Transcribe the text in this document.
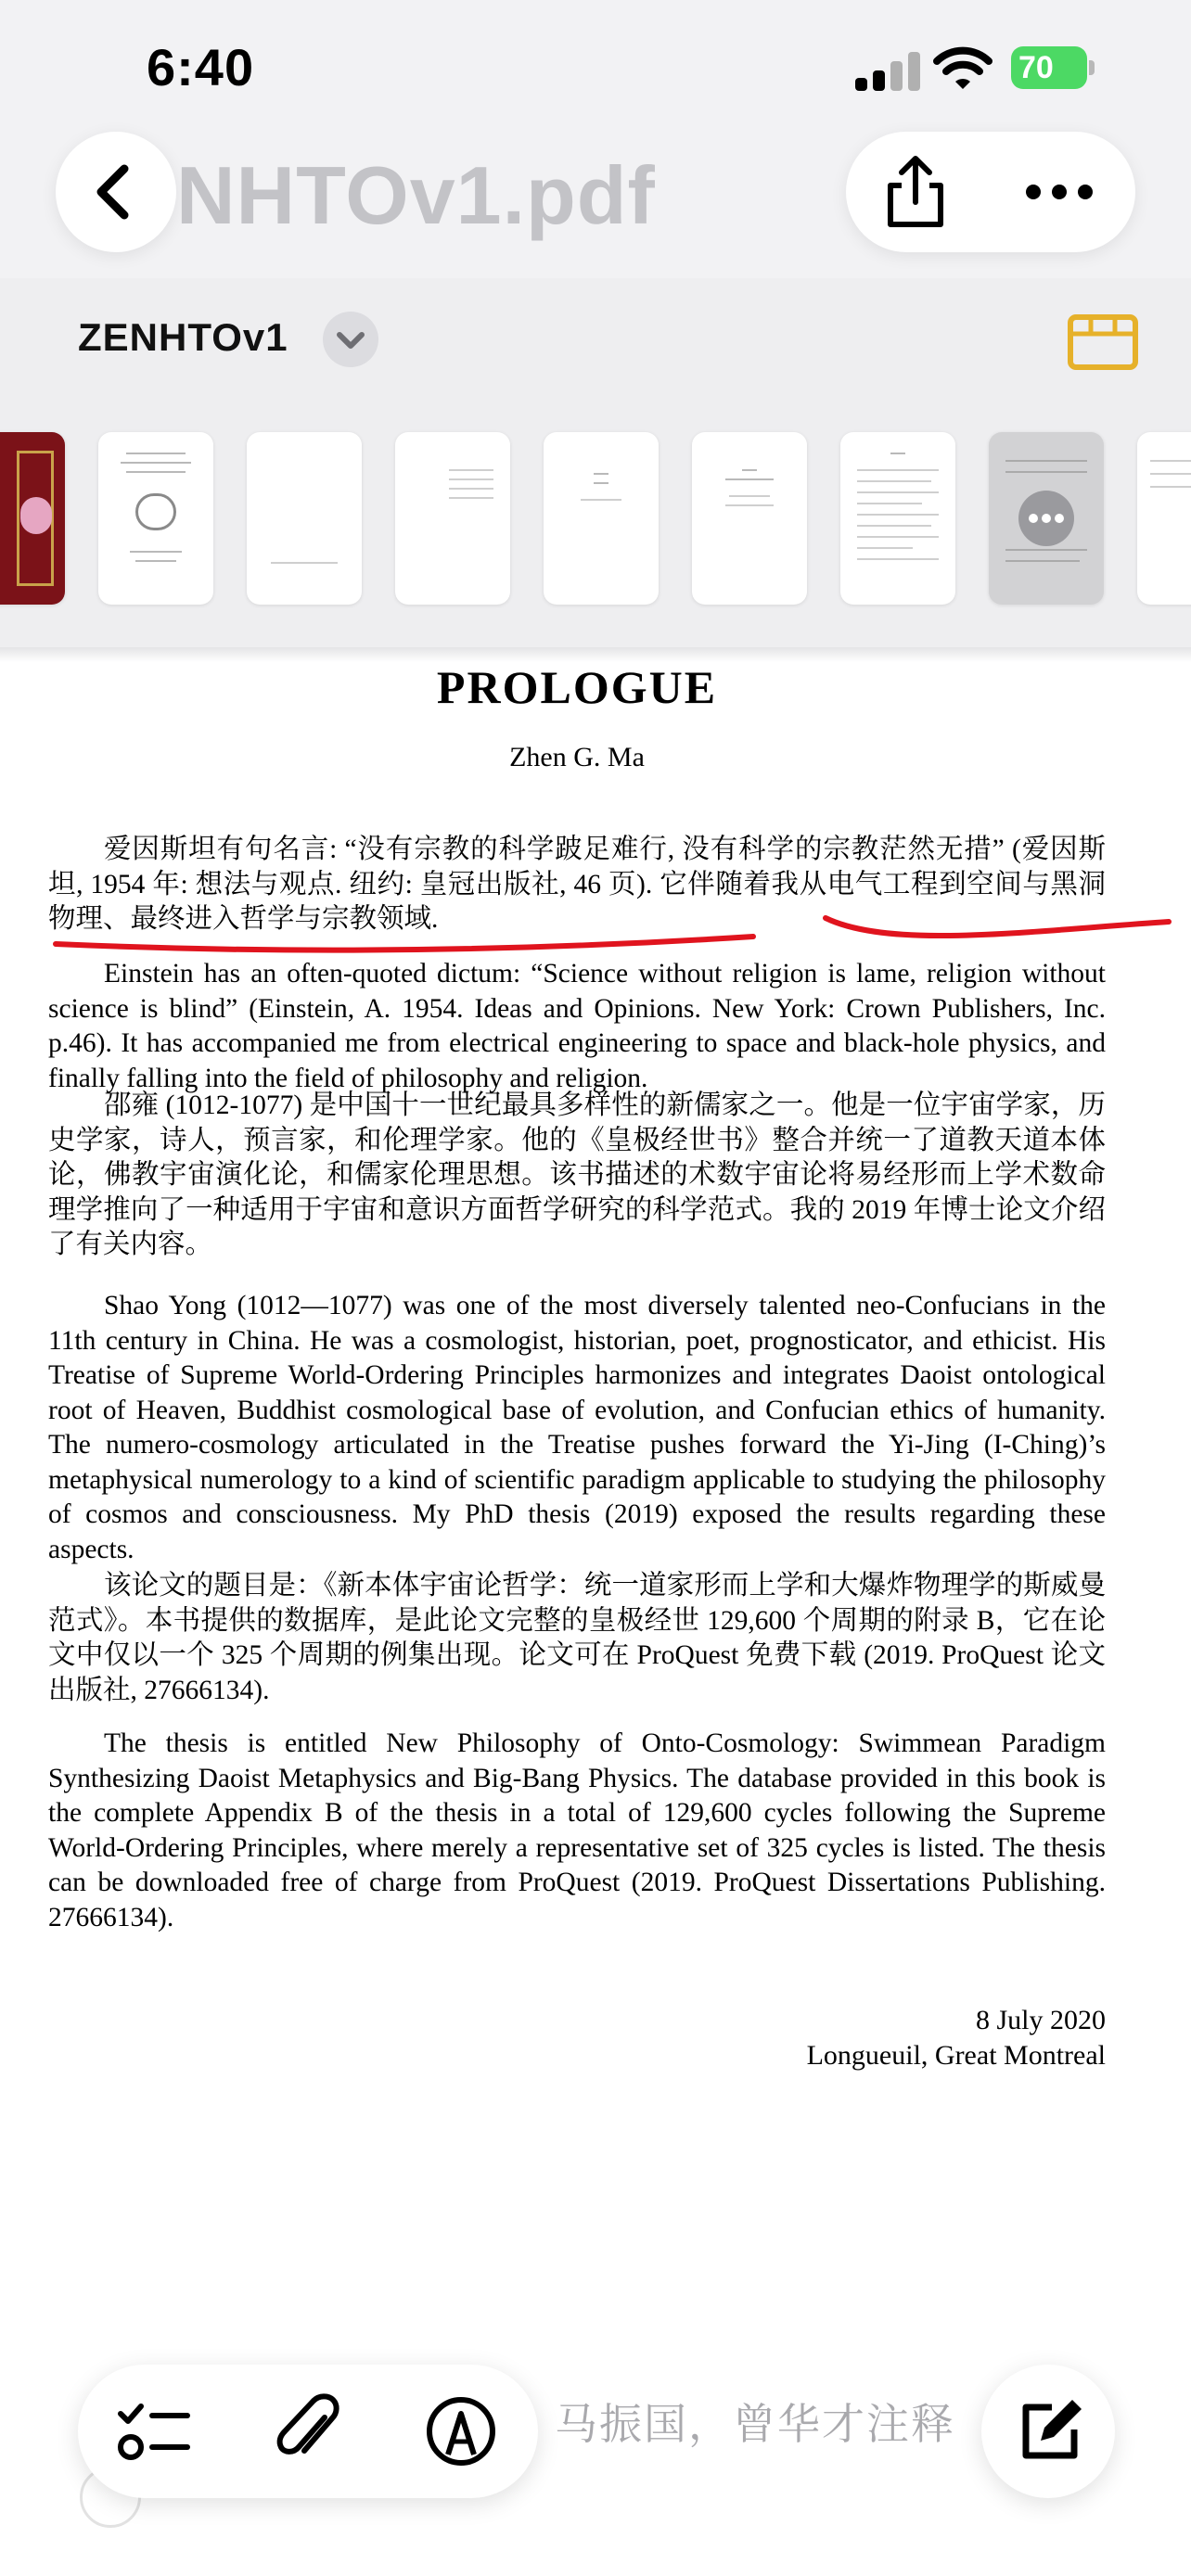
6:40	70
NHTOv1.pdf
ZENHTOv1
PROLOGUE
Zhen G. Ma

爱因斯坦有句名言: “没有宗教的科学跛足难行, 没有科学的宗教茫然无措” (爱因斯坦, 1954 年: 想法与观点. 纽约: 皇冠出版社, 46 页). 它伴随着我从电气工程到空间与黑洞物理、最终进入哲学与宗教领域.

Einstein has an often-quoted dictum: “Science without religion is lame, religion without science is blind” (Einstein, A. 1954. Ideas and Opinions. New York: Crown Publishers, Inc. p.46). It has accompanied me from electrical engineering to space and black-hole physics, and finally falling into the field of philosophy and religion.

邵雍 (1012-1077) 是中国十一世纪最具多样性的新儒家之一。他是一位宇宙学家，历史学家，诗人，预言家，和伦理学家。他的《皇极经世书》整合并统一了道教天道本体论，佛教宇宙演化论，和儒家伦理思想。该书描述的术数宇宙论将易经形而上学术数命理学推向了一种适用于宇宙和意识方面哲学研究的科学范式。我的 2019 年博士论文介绍了有关内容。

Shao Yong (1012—1077) was one of the most diversely talented neo-Confucians in the 11th century in China. He was a cosmologist, historian, poet, prognosticator, and ethicist. His Treatise of Supreme World-Ordering Principles harmonizes and integrates Daoist ontological root of Heaven, Buddhist cosmological base of evolution, and Confucian ethics of humanity. The numero-cosmology articulated in the Treatise pushes forward the Yi-Jing (I-Ching)’s metaphysical numerology to a kind of scientific paradigm applicable to studying the philosophy of cosmos and consciousness. My PhD thesis (2019) exposed the results regarding these aspects.

该论文的题目是：《新本体宇宙论哲学：统一道家形而上学和大爆炸物理学的斯威曼范式》。本书提供的数据库，是此论文完整的皇极经世 129,600 个周期的附录 B，它在论文中仅以一个 325 个周期的例集出现。论文可在 ProQuest 免费下载 (2019. ProQuest 论文出版社, 27666134).

The thesis is entitled New Philosophy of Onto-Cosmology: Swimmean Paradigm Synthesizing Daoist Metaphysics and Big-Bang Physics. The database provided in this book is the complete Appendix B of the thesis in a total of 129,600 cycles following the Supreme World-Ordering Principles, where merely a representative set of 325 cycles is listed. The thesis can be downloaded free of charge from ProQuest (2019. ProQuest Dissertations Publishing. 27666134).

8 July 2020
Longueuil, Great Montreal
马振国，曾华才注释
